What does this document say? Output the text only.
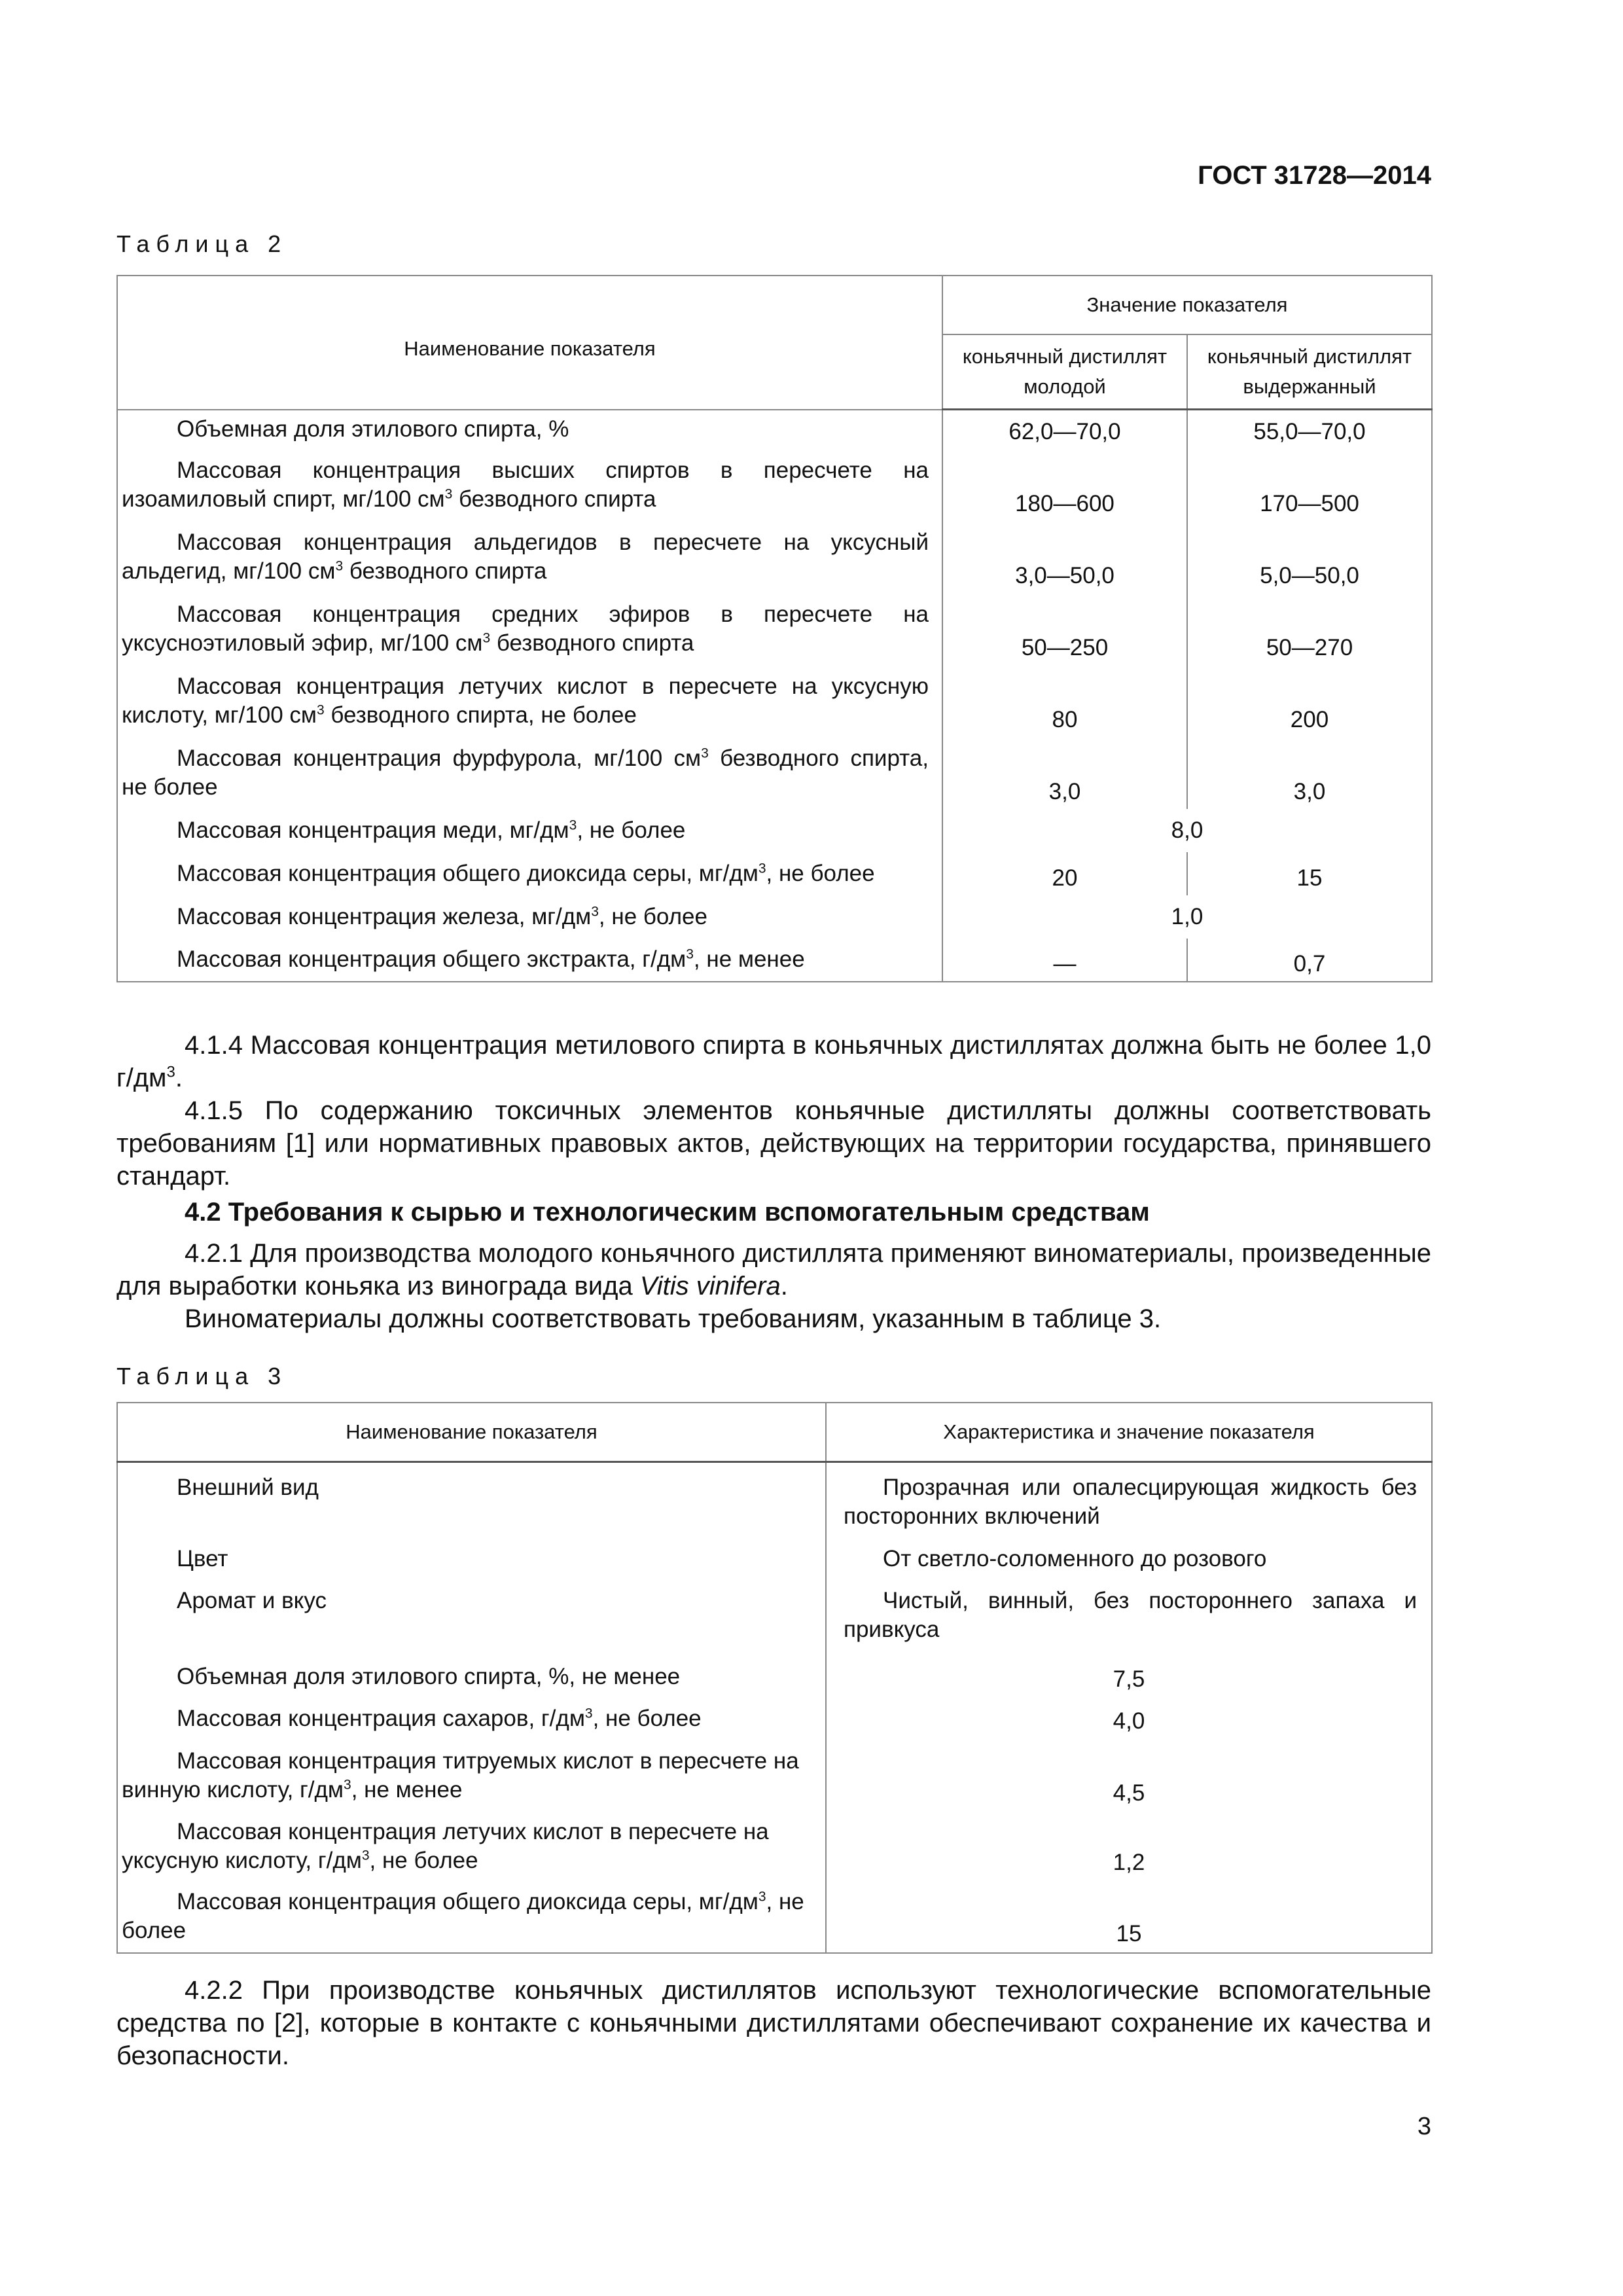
ГОСТ 31728—2014
Таблица 2
Наименование показателя	Значение показателя	
	коньячный дистиллят молодой	коньячный дистиллят выдержанный
Объемная доля этилового спирта, %	62,0—70,0	55,0—70,0
Массовая концентрация высших спиртов в пересчете на изоамиловый спирт, мг/100 $см^3$ безводного спирта	180—600	170—500
Массовая концентрация альдегидов в пересчете на уксусный альдегид, мг/100 $см^3$ безводного спирта	3,0—50,0	5,0—50,0
Массовая концентрация средних эфиров в пересчете на уксусноэтиловый эфир, мг/100 $см^3$ безводного спирта	50—250	50—270
Массовая концентрация летучих кислот в пересчете на уксусную кислоту, мг/100 $см^3$ безводного спирта, не более	80	200
Массовая концентрация фурфурола, мг/100 $см^3$ безводного спирта, не более	3,0	3,0
Массовая концентрация меди, $мг/дм^3$, не более	8,0	
Массовая концентрация общего диоксида серы, $мг/дм^3$, не более	20	15
Массовая концентрация железа, $мг/дм^3$, не более	1,0	
Массовая концентрация общего экстракта, $г/дм^3$, не менее	—	0,7
4.1.4 Массовая концентрация метилового спирта в коньячных дистиллятах должна быть не более 1,0 $г/дм^3$.
4.1.5 По содержанию токсичных элементов коньячные дистилляты должны соответствовать требованиям [1] или нормативных правовых актов, действующих на территории государства, принявшего стандарт.
4.2 Требования к сырью и технологическим вспомогательным средствам
4.2.1 Для производства молодого коньячного дистиллята применяют виноматериалы, произведенные для выработки коньяка из винограда вида Vitis vinifera.
Виноматериалы должны соответствовать требованиям, указанным в таблице 3.
Таблица 3
Наименование показателя	Характеристика и значение показателя
Внешний вид	Прозрачная или опалесцирующая жидкость без посторонних включений
Цвет	От светло-соломенного до розового
Аромат и вкус	Чистый, винный, без постороннего запаха и привкуса
Объемная доля этилового спирта, %, не менее	7,5
Массовая концентрация сахаров, $г/дм^3$, не более	4,0
Массовая концентрация титруемых кислот в пересчете на винную кислоту, $г/дм^3$, не менее	4,5
Массовая концентрация летучих кислот в пересчете на уксусную кислоту, $г/дм^3$, не более	1,2
Массовая концентрация общего диоксида серы, $мг/дм^3$, не более	15
4.2.2 При производстве коньячных дистиллятов используют технологические вспомогательные средства по [2], которые в контакте с коньячными дистиллятами обеспечивают сохранение их качества и безопасности.
3
